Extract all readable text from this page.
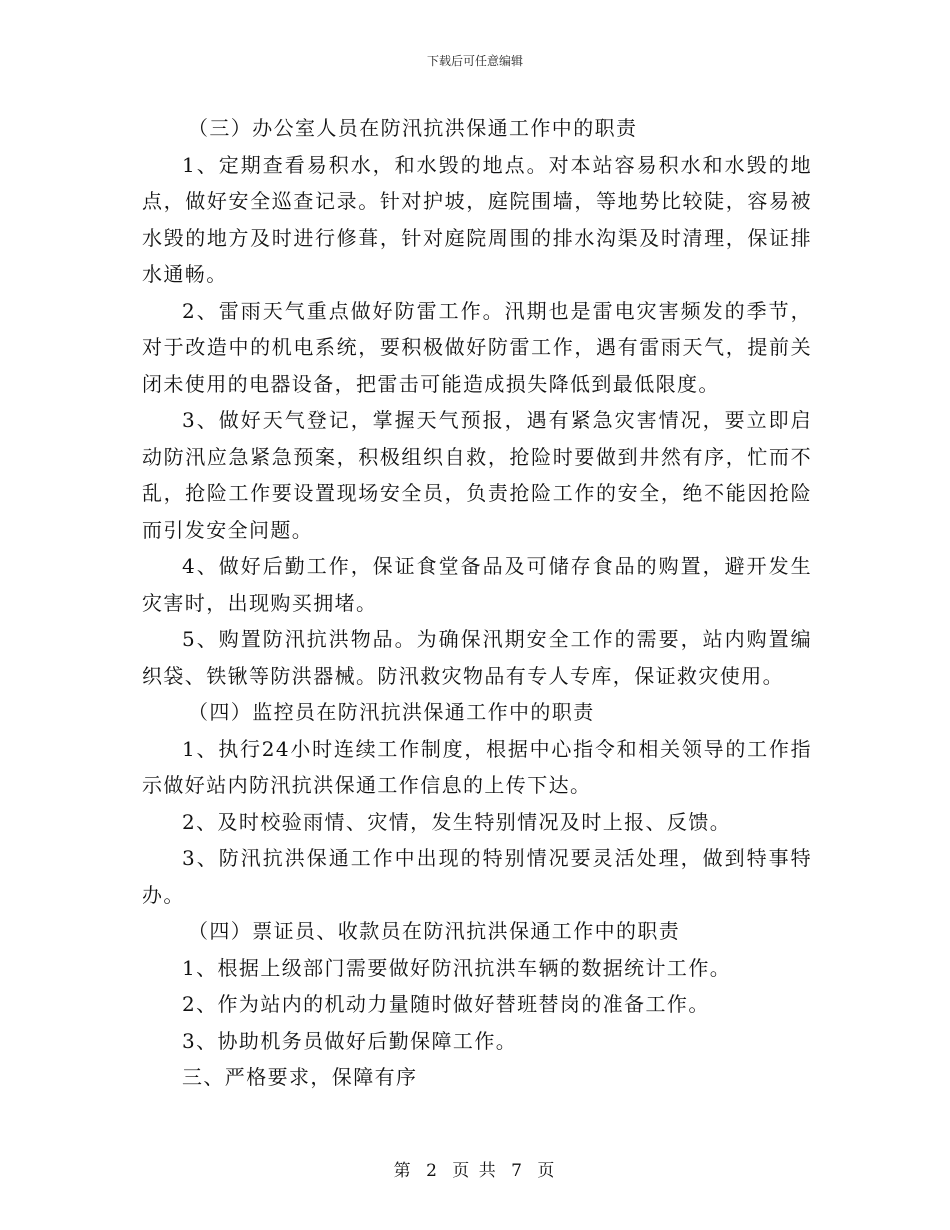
下载后可任意编辑

（三）办公室人员在防汛抗洪保通工作中的职责

1、定期查看易积水，和水毁的地点。对本站容易积水和水毁的地点，做好安全巡查记录。针对护坡，庭院围墙，等地势比较陡，容易被水毁的地方及时进行修葺，针对庭院周围的排水沟渠及时清理，保证排水通畅。

2、雷雨天气重点做好防雷工作。汛期也是雷电灾害频发的季节，对于改造中的机电系统，要积极做好防雷工作，遇有雷雨天气，提前关闭未使用的电器设备，把雷击可能造成损失降低到最低限度。

3、做好天气登记，掌握天气预报，遇有紧急灾害情况，要立即启动防汛应急紧急预案，积极组织自救，抢险时要做到井然有序，忙而不乱，抢险工作要设置现场安全员，负责抢险工作的安全，绝不能因抢险而引发安全问题。

4、做好后勤工作，保证食堂备品及可储存食品的购置，避开发生灾害时，出现购买拥堵。

5、购置防汛抗洪物品。为确保汛期安全工作的需要，站内购置编织袋、铁锹等防洪器械。防汛救灾物品有专人专库，保证救灾使用。

（四）监控员在防汛抗洪保通工作中的职责

1、执行24小时连续工作制度，根据中心指令和相关领导的工作指示做好站内防汛抗洪保通工作信息的上传下达。

2、及时校验雨情、灾情，发生特别情况及时上报、反馈。

3、防汛抗洪保通工作中出现的特别情况要灵活处理，做到特事特办。

（四）票证员、收款员在防汛抗洪保通工作中的职责

1、根据上级部门需要做好防汛抗洪车辆的数据统计工作。

2、作为站内的机动力量随时做好替班替岗的准备工作。

3、协助机务员做好后勤保障工作。

三、严格要求，保障有序

第 2 页 共 7 页
